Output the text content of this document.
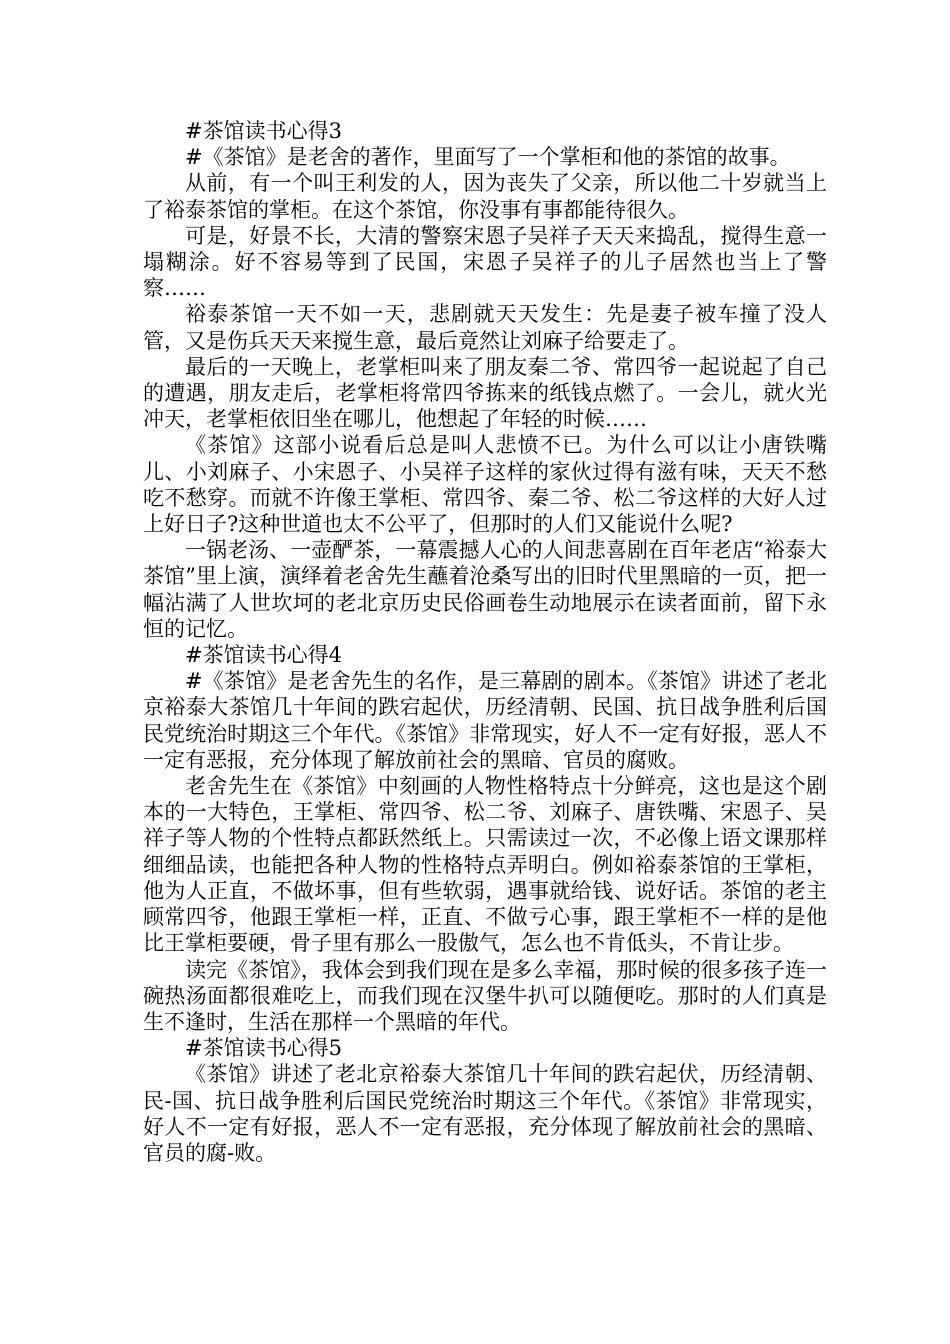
#茶馆读书心得3

#《茶馆》是老舍的著作，里面写了一个掌柜和他的茶馆的故事。

从前，有一个叫王利发的人，因为丧失了父亲，所以他二十岁就当上了裕泰茶馆的掌柜。在这个茶馆，你没事有事都能待很久。

可是，好景不长，大清的警察宋恩子吴祥子天天来捣乱，搅得生意一塌糊涂。好不容易等到了民国，宋恩子吴祥子的儿子居然也当上了警察……

裕泰茶馆一天不如一天，悲剧就天天发生：先是妻子被车撞了没人管，又是伤兵天天来搅生意，最后竟然让刘麻子给要走了。

最后的一天晚上，老掌柜叫来了朋友秦二爷、常四爷一起说起了自己的遭遇，朋友走后，老掌柜将常四爷拣来的纸钱点燃了。一会儿，就火光冲天，老掌柜依旧坐在哪儿，他想起了年轻的时候……

《茶馆》这部小说看后总是叫人悲愤不已。为什么可以让小唐铁嘴儿、小刘麻子、小宋恩子、小吴祥子这样的家伙过得有滋有味，天天不愁吃不愁穿。而就不许像王掌柜、常四爷、秦二爷、松二爷这样的大好人过上好日子?这种世道也太不公平了，但那时的人们又能说什么呢?

一锅老汤、一壶酽茶，一幕震撼人心的人间悲喜剧在百年老店“裕泰大茶馆”里上演，演绎着老舍先生蘸着沧桑写出的旧时代里黑暗的一页，把一幅沾满了人世坎坷的老北京历史民俗画卷生动地展示在读者面前，留下永恒的记忆。

#茶馆读书心得4

#《茶馆》是老舍先生的名作，是三幕剧的剧本。《茶馆》讲述了老北京裕泰大茶馆几十年间的跌宕起伏，历经清朝、民国、抗日战争胜利后国民党统治时期这三个年代。《茶馆》非常现实，好人不一定有好报，恶人不一定有恶报，充分体现了解放前社会的黑暗、官员的腐败。

老舍先生在《茶馆》中刻画的人物性格特点十分鲜亮，这也是这个剧本的一大特色，王掌柜、常四爷、松二爷、刘麻子、唐铁嘴、宋恩子、吴祥子等人物的个性特点都跃然纸上。只需读过一次，不必像上语文课那样细细品读，也能把各种人物的性格特点弄明白。例如裕泰茶馆的王掌柜，他为人正直，不做坏事，但有些软弱，遇事就给钱、说好话。茶馆的老主顾常四爷，他跟王掌柜一样，正直、不做亏心事，跟王掌柜不一样的是他比王掌柜要硬，骨子里有那么一股傲气，怎么也不肯低头，不肯让步。

读完《茶馆》，我体会到我们现在是多么幸福，那时候的很多孩子连一碗热汤面都很难吃上，而我们现在汉堡牛扒可以随便吃。那时的人们真是生不逢时，生活在那样一个黑暗的年代。

#茶馆读书心得5

《茶馆》讲述了老北京裕泰大茶馆几十年间的跌宕起伏，历经清朝、民-国、抗日战争胜利后国民党统治时期这三个年代。《茶馆》非常现实，好人不一定有好报，恶人不一定有恶报，充分体现了解放前社会的黑暗、官员的腐-败。
